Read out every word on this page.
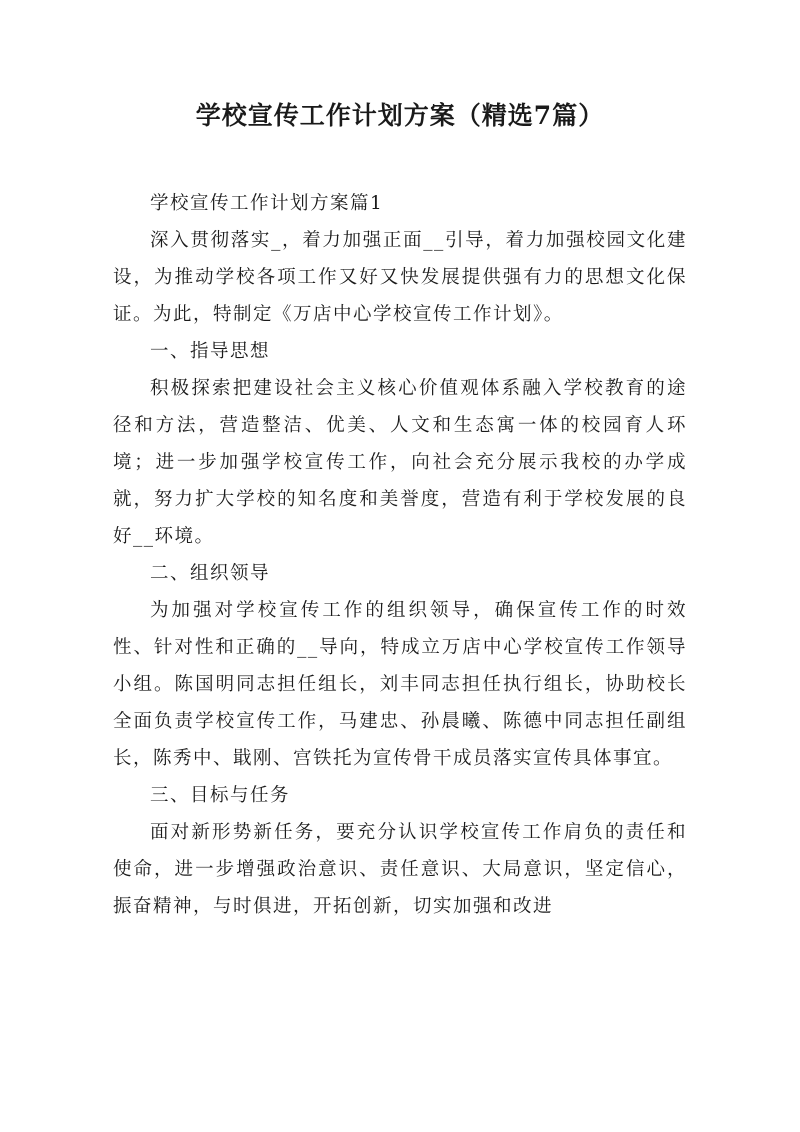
学校宣传工作计划方案（精选7篇）

学校宣传工作计划方案篇1

深入贯彻落实_，着力加强正面__引导，着力加强校园文化建设，为推动学校各项工作又好又快发展提供强有力的思想文化保证。为此，特制定《万店中心学校宣传工作计划》。

一、指导思想

积极探索把建设社会主义核心价值观体系融入学校教育的途径和方法，营造整洁、优美、人文和生态寓一体的校园育人环境；进一步加强学校宣传工作，向社会充分展示我校的办学成就，努力扩大学校的知名度和美誉度，营造有利于学校发展的良好__环境。

二、组织领导

为加强对学校宣传工作的组织领导，确保宣传工作的时效性、针对性和正确的__导向，特成立万店中心学校宣传工作领导小组。陈国明同志担任组长，刘丰同志担任执行组长，协助校长全面负责学校宣传工作，马建忠、孙晨曦、陈德中同志担任副组长，陈秀中、戢刚、宫铁托为宣传骨干成员落实宣传具体事宜。

三、目标与任务

面对新形势新任务，要充分认识学校宣传工作肩负的责任和使命，进一步增强政治意识、责任意识、大局意识，坚定信心，振奋精神，与时俱进，开拓创新，切实加强和改进
